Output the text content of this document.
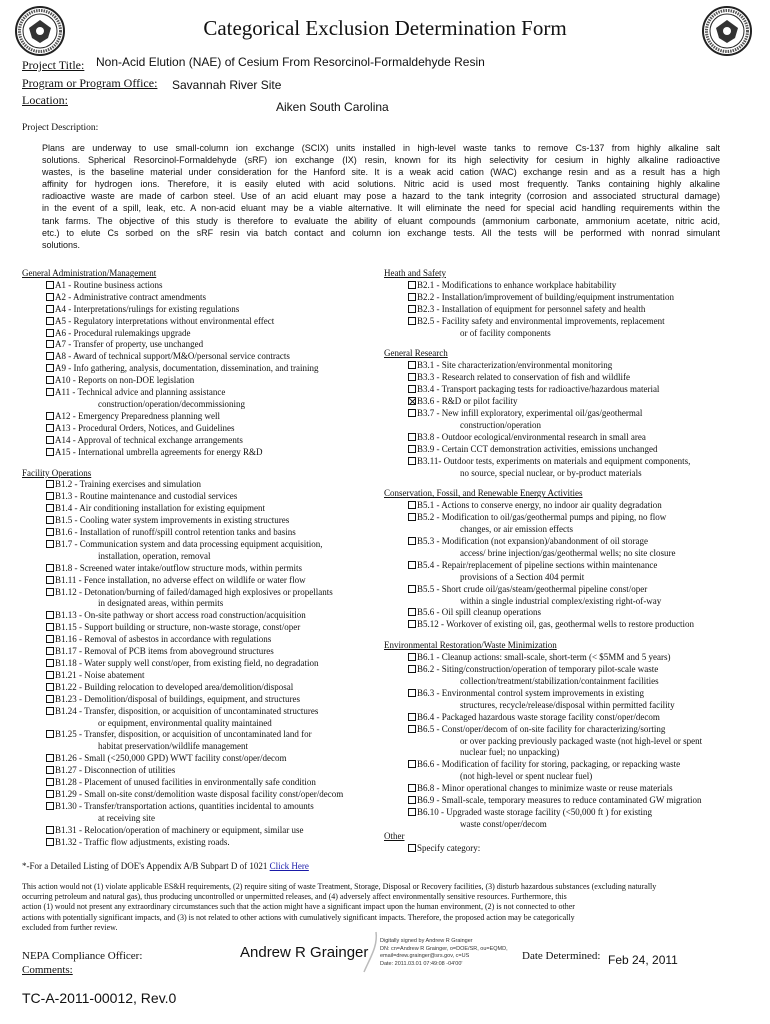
Categorical Exclusion Determination Form
Project Title: Non-Acid Elution (NAE) of Cesium From Resorcinol-Formaldehyde Resin
Program or Program Office: Savannah River Site
Location:	Aiken South Carolina
Project Description:
Plans are underway to use small-column ion exchange (SCIX) units installed in high-level waste tanks to remove Cs-137 from highly alkaline salt
solutions. Spherical Resorcinol-Formaldehyde (sRF) ion exchange (IX) resin, known for its high selectivity for cesium in highly alkaline radioactive
wastes, is the baseline material under consideration for the Hanford site. It is a weak acid cation (WAC) exchange resin and as a result has a high
affinity for hydrogen ions. Therefore, it is easily eluted with acid solutions. Nitric acid is used most frequently. Tanks containing highly alkaline
radioactive waste are made of carbon steel. Use of an acid eluant may pose a hazard to the tank integrity (corrosion and associated structural damage)
in the event of a spill, leak, etc. A non-acid eluant may be a viable alternative. It will eliminate the need for special acid handling requirements within the
tank farms. The objective of this study is therefore to evaluate the ability of eluant compounds (ammonium carbonate, ammonium acetate, nitric acid,
etc.) to elute Cs sorbed on the sRF resin via batch contact and column ion exchange tests. All the tests will be performed with nonrad simulant
solutions.
General Administration/Management
A1 - Routine business actions
A2 - Administrative contract amendments
A4 - Interpretations/rulings for existing regulations
A5 - Regulatory interpretations without environmental effect
A6 - Procedural rulemakings upgrade
A7 - Transfer of property, use unchanged
A8 - Award of technical support/M&O/personal service contracts
A9 - Info gathering, analysis, documentation, dissemination, and training
A10 - Reports on non-DOE legislation
A11 - Technical advice and planning assistance
construction/operation/decommissioning
A12 - Emergency Preparedness planning well
A13 - Procedural Orders, Notices, and Guidelines
A14 - Approval of technical exchange arrangements
A15 - International umbrella agreements for energy R&D
Facility Operations
B1.2 - Training exercises and simulation
B1.3 - Routine maintenance and custodial services
B1.4 - Air conditioning installation for existing equipment
B1.5 - Cooling water system improvements in existing structures
B1.6 - Installation of runoff/spill control retention tanks and basins
B1.7 - Communication system and data processing equipment acquisition,
installation, operation, removal
B1.8 - Screened water intake/outflow structure mods, within permits
B1.11 - Fence installation, no adverse effect on wildlife or water flow
B1.12 - Detonation/burning of failed/damaged high explosives or propellants
in designated areas, within permits
B1.13 - On-site pathway or short access road construction/acquisition
B1.15 - Support building or structure, non-waste storage, const/oper
B1.16 - Removal of asbestos in accordance with regulations
B1.17 - Removal of PCB items from aboveground structures
B1.18 - Water supply well const/oper, from existing field, no degradation
B1.21 - Noise abatement
B1.22 - Building relocation to developed area/demolition/disposal
B1.23 - Demolition/disposal of buildings, equipment, and structures
B1.24 - Transfer, disposition, or acquisition of uncontaminated structures
or equipment, environmental quality maintained
B1.25 - Transfer, disposition, or acquisition of uncontaminated land for
habitat preservation/wildlife management
B1.26 - Small (<250,000 GPD) WWT facility const/oper/decom
B1.27 - Disconnection of utilities
B1.28 - Placement of unused facilities in environmentally safe condition
B1.29 - Small on-site const/demolition waste disposal facility const/oper/decom
B1.30 - Transfer/transportation actions, quantities incidental to amounts
at receiving site
B1.31 - Relocation/operation of machinery or equipment, similar use
B1.32 - Traffic flow adjustments, existing roads.
Heath and Safety
B2.1 - Modifications to enhance workplace habitability
B2.2 - Installation/improvement of building/equipment instrumentation
B2.3 - Installation of equipment for personnel safety and health
B2.5 - Facility safety and environmental improvements, replacement
or of facility components
General Research
B3.1 - Site characterization/environmental monitoring
B3.3 - Research related to conservation of fish and wildlife
B3.4 - Transport packaging tests for radioactive/hazardous material
B3.6 - R&D or pilot facility
B3.7 - New infill exploratory, experimental oil/gas/geothermal
construction/operation
B3.8 - Outdoor ecological/environmental research in small area
B3.9 - Certain CCT demonstration activities, emissions unchanged
B3.11- Outdoor tests, experiments on materials and equipment components,
no source, special nuclear, or by-product materials
Conservation, Fossil, and Renewable Energy Activities
B5.1 - Actions to conserve energy, no indoor air quality degradation
B5.2 - Modification to oil/gas/geothermal pumps and piping, no flow
changes, or air emission effects
B5.3 - Modification (not expansion)/abandonment of oil storage
access/ brine injection/gas/geothermal wells; no site closure
B5.4 - Repair/replacement of pipeline sections within maintenance
provisions of a Section 404 permit
B5.5 - Short crude oil/gas/steam/geothermal pipeline const/oper
within a single industrial complex/existing right-of-way
B5.6 - Oil spill cleanup operations
B5.12 - Workover of existing oil, gas, geothermal wells to restore production
Environmental Restoration/Waste Minimization
B6.1 - Cleanup actions: small-scale, short-term (< $5MM and 5 years)
B6.2 - Siting/construction/operation of temporary pilot-scale waste
collection/treatment/stabilization/containment facilities
B6.3 - Environmental control system improvements in existing
structures, recycle/release/disposal within permitted facility
B6.4 - Packaged hazardous waste storage facility const/oper/decom
B6.5 - Const/oper/decom of on-site facility for characterizing/sorting
or over packing previously packaged waste (not high-level or spent
nuclear fuel; no unpacking)
B6.6 - Modification of facility for storing, packaging, or repacking waste
(not high-level or spent nuclear fuel)
B6.8 - Minor operational changes to minimize waste or reuse materials
B6.9 - Small-scale, temporary measures to reduce contaminated GW migration
B6.10 - Upgraded waste storage facility (<50,000 ft ) for existing
waste const/oper/decom
Other
Specify category:
*-For a Detailed Listing of DOE's Appendix A/B Subpart D of 1021 Click Here
This action would not (1) violate applicable ES&H requirements, (2) require siting of waste Treatment, Storage, Disposal or Recovery facilities, (3) disturb hazardous substances (excluding naturally
occurring petroleum and natural gas), thus producing uncontrolled or unpermitted releases, and (4) adversely affect environmentally sensitive resources. Furthermore, this
action (1) would not present any extraordinary circumstances such that the action might have a significant impact upon the human environment, (2) is not connected to other
actions with potentially significant impacts, and (3) is not related to other actions with cumulatively significant impacts. Therefore, the proposed action may be categorically
excluded from further review.
NEPA Compliance Officer:
Comments:
Andrew R Grainger
Digitally signed by Andrew R Grainger
DN: cn=Andrew R Grainger, o=DOE/SR, ou=EQMD,
email=drew.grainger@srs.gov, c=US
Date: 2011.03.01 07:49:08 -04'00'
Date Determined: Feb 24, 2011
TC-A-2011-00012, Rev.0
